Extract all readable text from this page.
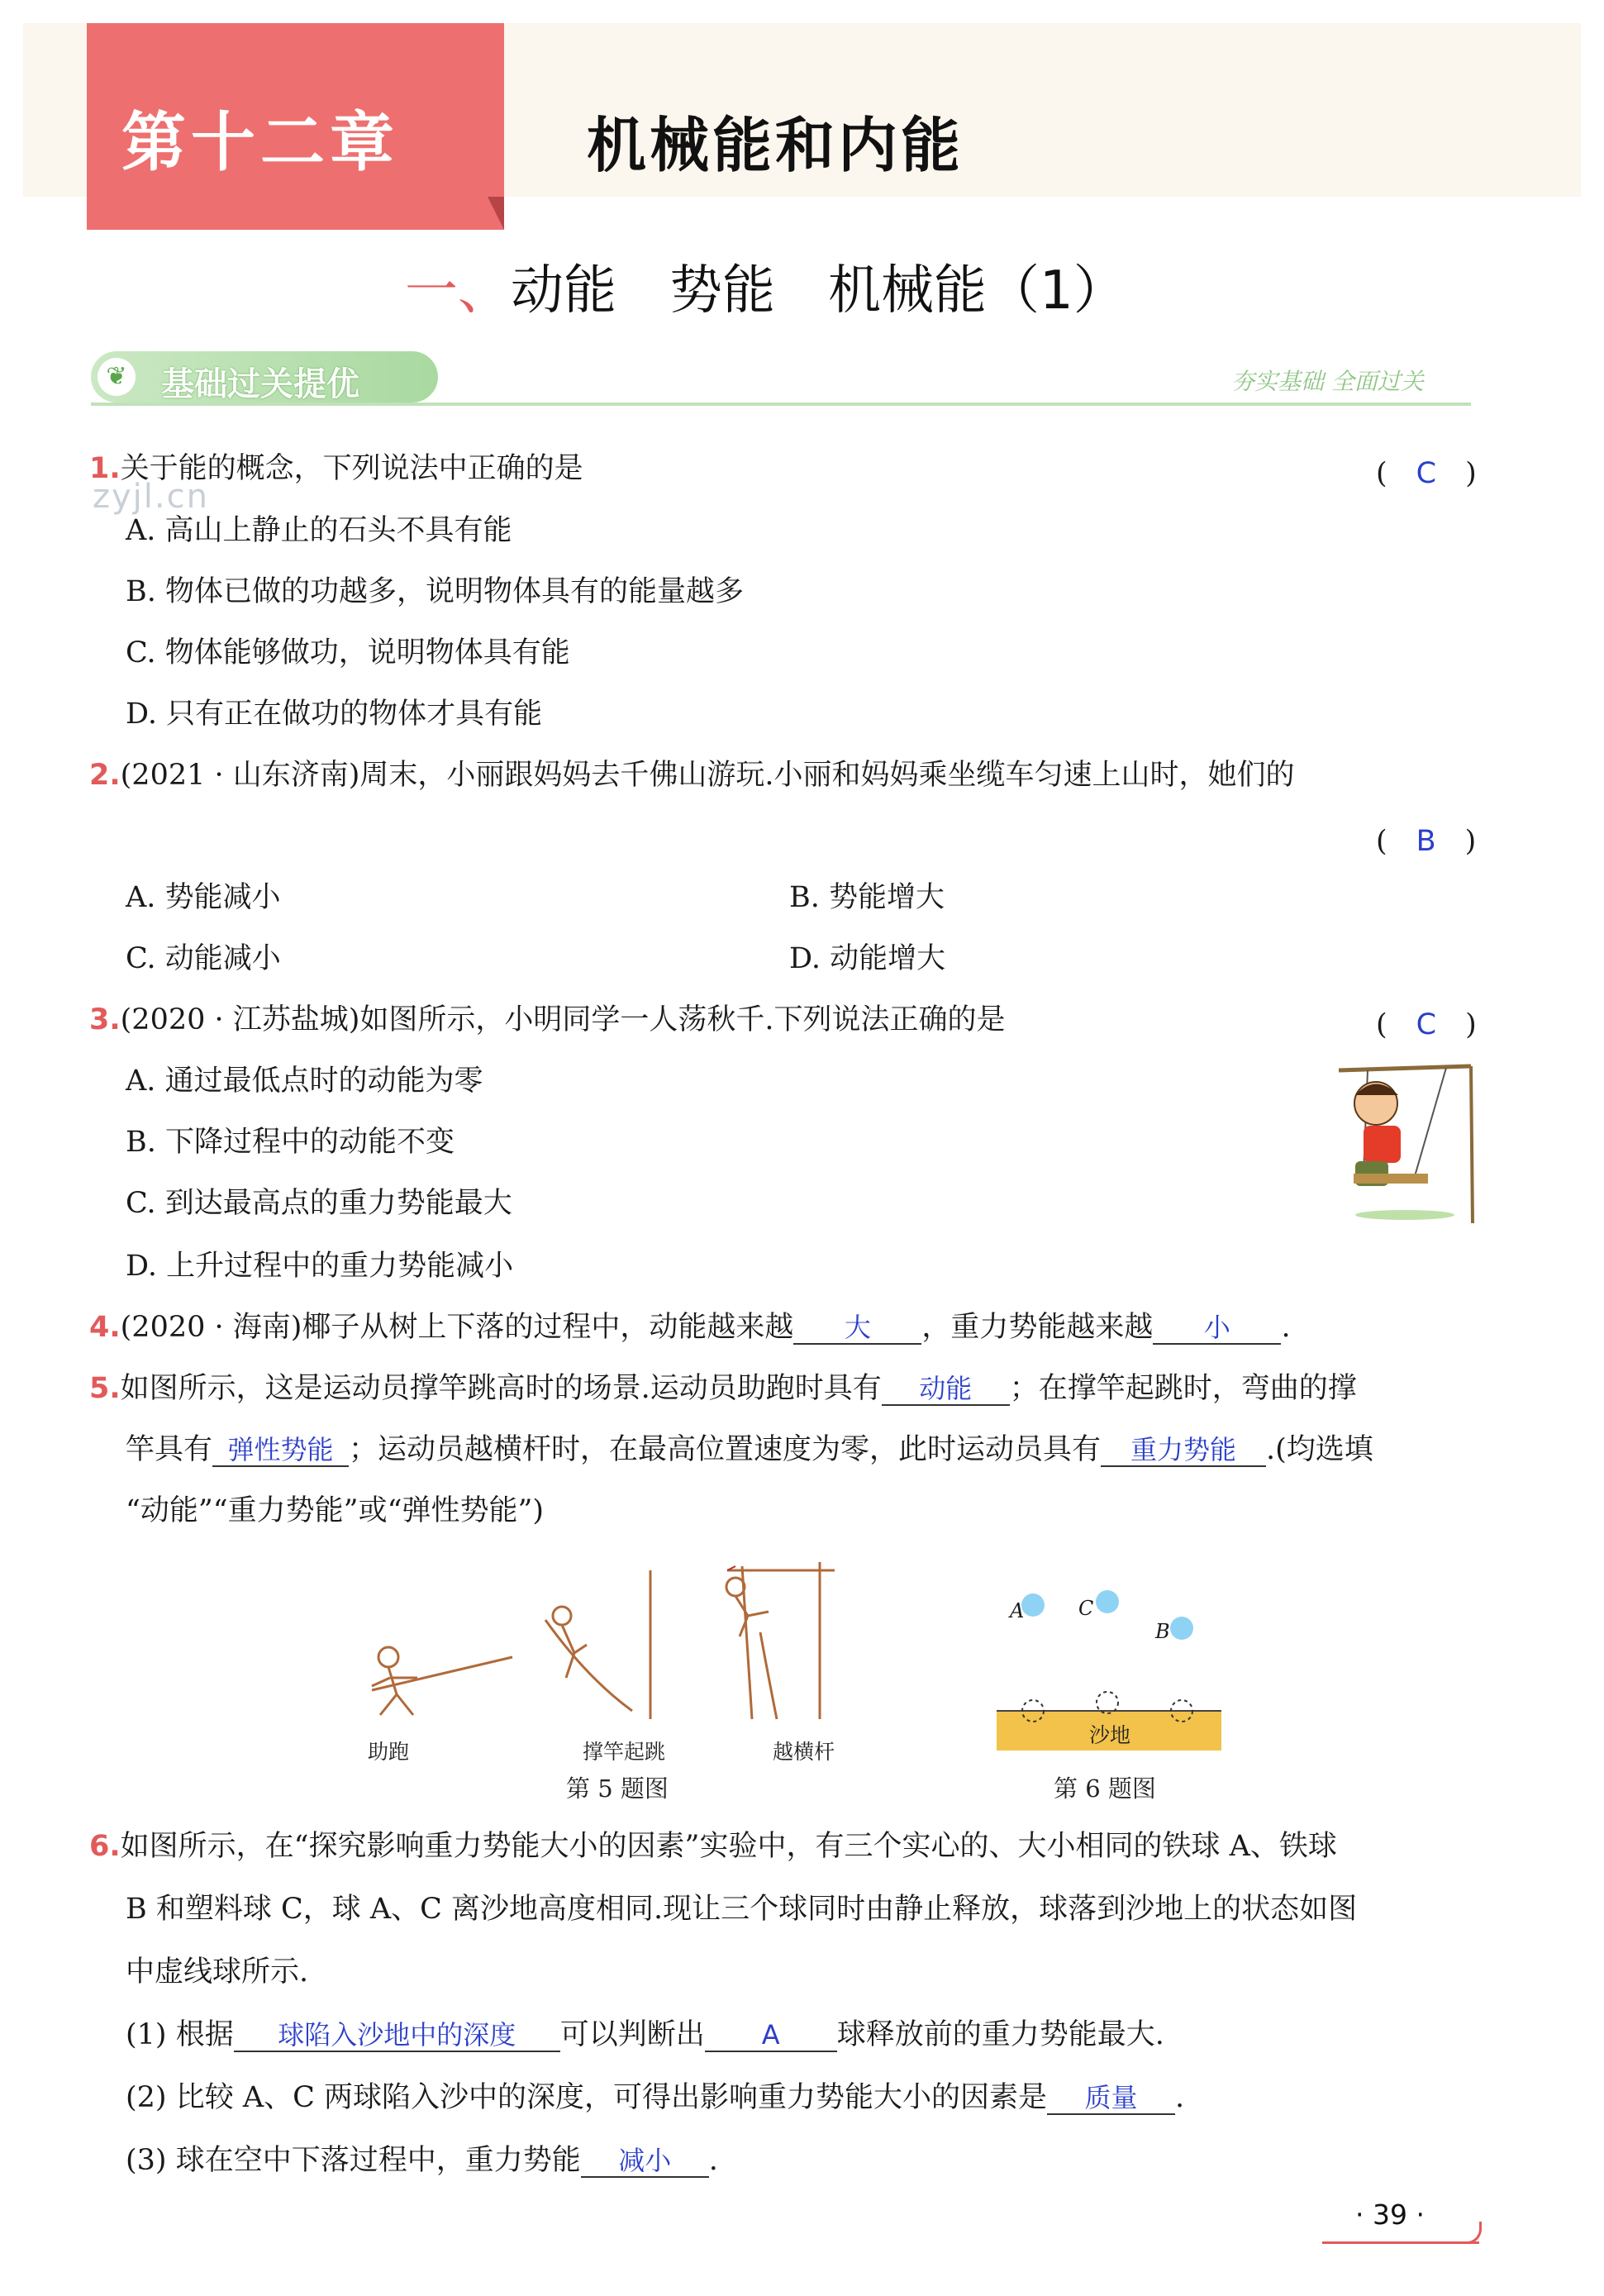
第十二章	机械能和内能
一、动能　势能　机械能（1）
❦ 基础过关提优	夯实基础 全面过关
zyjl.cn
1.关于能的概念，下列说法中正确的是	(　C　)
A. 高山上静止的石头不具有能
B. 物体已做的功越多，说明物体具有的能量越多
C. 物体能够做功，说明物体具有能
D. 只有正在做功的物体才具有能
2.(2021 · 山东济南)周末，小丽跟妈妈去千佛山游玩.小丽和妈妈乘坐缆车匀速上山时，她们的
(　B　)
A. 势能减小	B. 势能增大
C. 动能减小	D. 动能增大
3.(2020 · 江苏盐城)如图所示，小明同学一人荡秋千.下列说法正确的是	(　C　)
A. 通过最低点时的动能为零
B. 下降过程中的动能不变
C. 到达最高点的重力势能最大
D. 上升过程中的重力势能减小
4.(2020 · 海南)椰子从树上下落的过程中，动能越来越 大 ，重力势能越来越 小 .
5.如图所示，这是运动员撑竿跳高时的场景.运动员助跑时具有 动能 ；在撑竿起跳时，弯曲的撑
竿具有 弹性势能 ；运动员越横杆时，在最高位置速度为零，此时运动员具有 重力势能 .(均选填
“动能”“重力势能”或“弹性势能”)
助跑	撑竿起跳	越横杆
第 5 题图
A	C
B
沙地
第 6 题图
6.如图所示，在“探究影响重力势能大小的因素”实验中，有三个实心的、大小相同的铁球 A、铁球
B 和塑料球 C，球 A、C 离沙地高度相同.现让三个球同时由静止释放，球落到沙地上的状态如图
中虚线球所示.
(1) 根据 球陷入沙地中的深度 可以判断出 A 球释放前的重力势能最大.
(2) 比较 A、C 两球陷入沙中的深度，可得出影响重力势能大小的因素是 质量 .
(3) 球在空中下落过程中，重力势能 减小 .
· 39 ·
